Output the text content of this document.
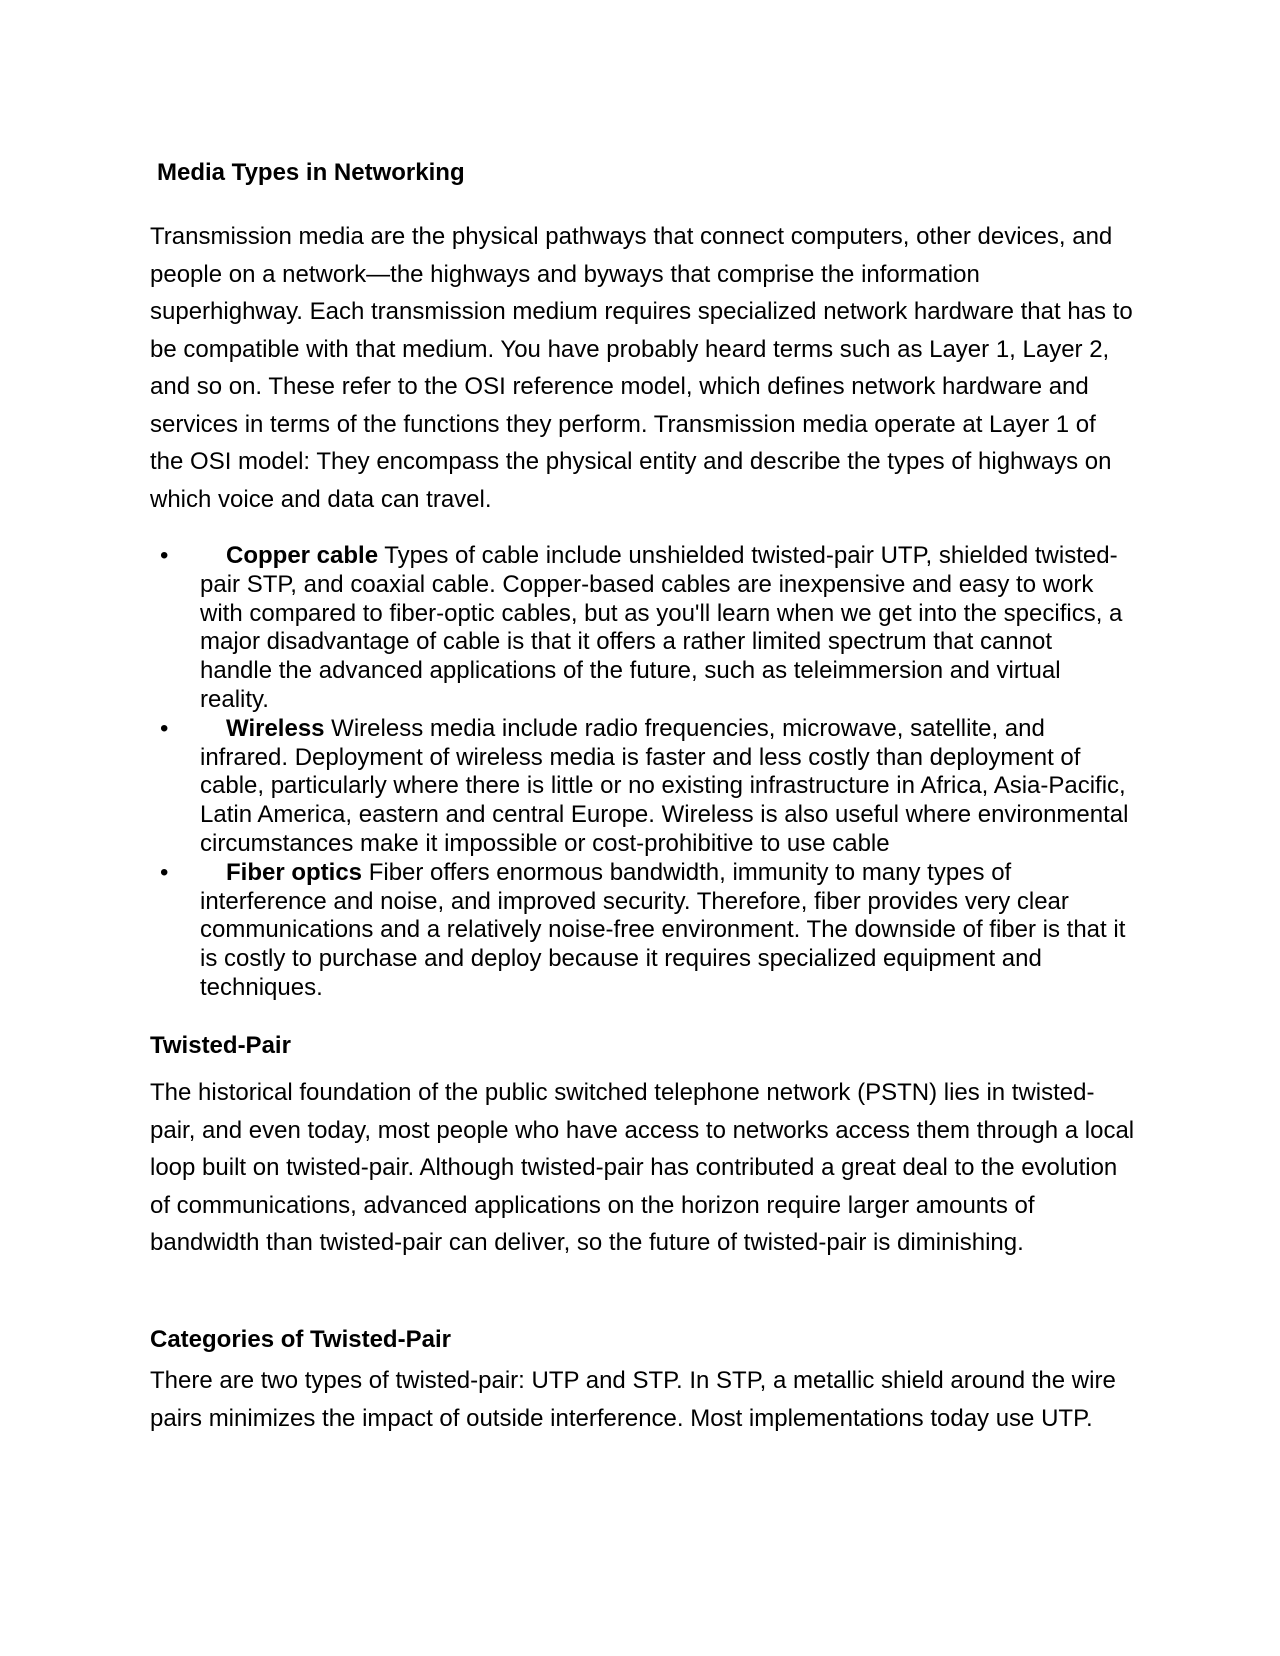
Media Types in Networking

Transmission media are the physical pathways that connect computers, other devices, and people on a network—the highways and byways that comprise the information superhighway. Each transmission medium requires specialized network hardware that has to be compatible with that medium. You have probably heard terms such as Layer 1, Layer 2, and so on. These refer to the OSI reference model, which defines network hardware and services in terms of the functions they perform. Transmission media operate at Layer 1 of the OSI model: They encompass the physical entity and describe the types of highways on which voice and data can travel.

• Copper cable Types of cable include unshielded twisted-pair UTP, shielded twisted-pair STP, and coaxial cable. Copper-based cables are inexpensive and easy to work with compared to fiber-optic cables, but as you'll learn when we get into the specifics, a major disadvantage of cable is that it offers a rather limited spectrum that cannot handle the advanced applications of the future, such as teleimmersion and virtual reality.
• Wireless Wireless media include radio frequencies, microwave, satellite, and infrared. Deployment of wireless media is faster and less costly than deployment of cable, particularly where there is little or no existing infrastructure in Africa, Asia-Pacific, Latin America, eastern and central Europe. Wireless is also useful where environmental circumstances make it impossible or cost-prohibitive to use cable
• Fiber optics Fiber offers enormous bandwidth, immunity to many types of interference and noise, and improved security. Therefore, fiber provides very clear communications and a relatively noise-free environment. The downside of fiber is that it is costly to purchase and deploy because it requires specialized equipment and techniques.
Twisted-Pair

The historical foundation of the public switched telephone network (PSTN) lies in twisted-pair, and even today, most people who have access to networks access them through a local loop built on twisted-pair. Although twisted-pair has contributed a great deal to the evolution of communications, advanced applications on the horizon require larger amounts of bandwidth than twisted-pair can deliver, so the future of twisted-pair is diminishing.

Categories of Twisted-Pair

There are two types of twisted-pair: UTP and STP. In STP, a metallic shield around the wire pairs minimizes the impact of outside interference. Most implementations today use UTP.
